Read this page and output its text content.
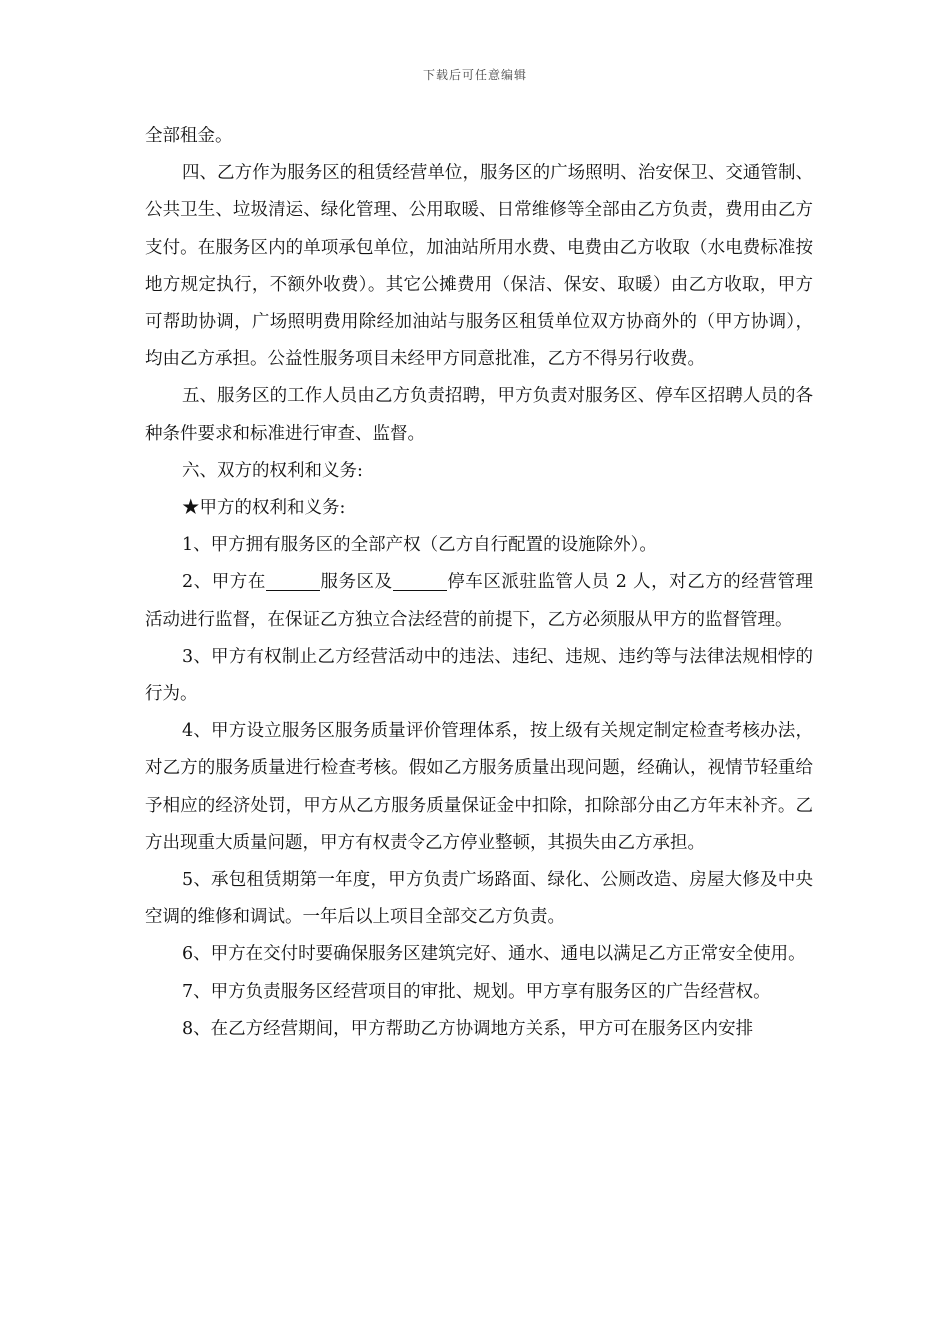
下载后可任意编辑

全部租金。

四、乙方作为服务区的租赁经营单位，服务区的广场照明、治安保卫、交通管制、公共卫生、垃圾清运、绿化管理、公用取暖、日常维修等全部由乙方负责，费用由乙方支付。在服务区内的单项承包单位，加油站所用水费、电费由乙方收取（水电费标准按地方规定执行，不额外收费）。其它公摊费用（保洁、保安、取暖）由乙方收取，甲方可帮助协调，广场照明费用除经加油站与服务区租赁单位双方协商外的（甲方协调），均由乙方承担。公益性服务项目未经甲方同意批准，乙方不得另行收费。

五、服务区的工作人员由乙方负责招聘，甲方负责对服务区、停车区招聘人员的各种条件要求和标准进行审查、监督。

六、双方的权利和义务:

★甲方的权利和义务:

1、甲方拥有服务区的全部产权（乙方自行配置的设施除外）。

2、甲方在	服务区及	停车区派驻监管人员 2 人，对乙方的经营管理活动进行监督，在保证乙方独立合法经营的前提下，乙方必须服从甲方的监督管理。

3、甲方有权制止乙方经营活动中的违法、违纪、违规、违约等与法律法规相悖的行为。

4、甲方设立服务区服务质量评价管理体系，按上级有关规定制定检查考核办法，对乙方的服务质量进行检查考核。假如乙方服务质量出现问题，经确认，视情节轻重给予相应的经济处罚，甲方从乙方服务质量保证金中扣除，扣除部分由乙方年末补齐。乙方出现重大质量问题，甲方有权责令乙方停业整顿，其损失由乙方承担。

5、承包租赁期第一年度，甲方负责广场路面、绿化、公厕改造、房屋大修及中央空调的维修和调试。一年后以上项目全部交乙方负责。

6、甲方在交付时要确保服务区建筑完好、通水、通电以满足乙方正常安全使用。

7、甲方负责服务区经营项目的审批、规划。甲方享有服务区的广告经营权。

8、在乙方经营期间，甲方帮助乙方协调地方关系，甲方可在服务区内安排
